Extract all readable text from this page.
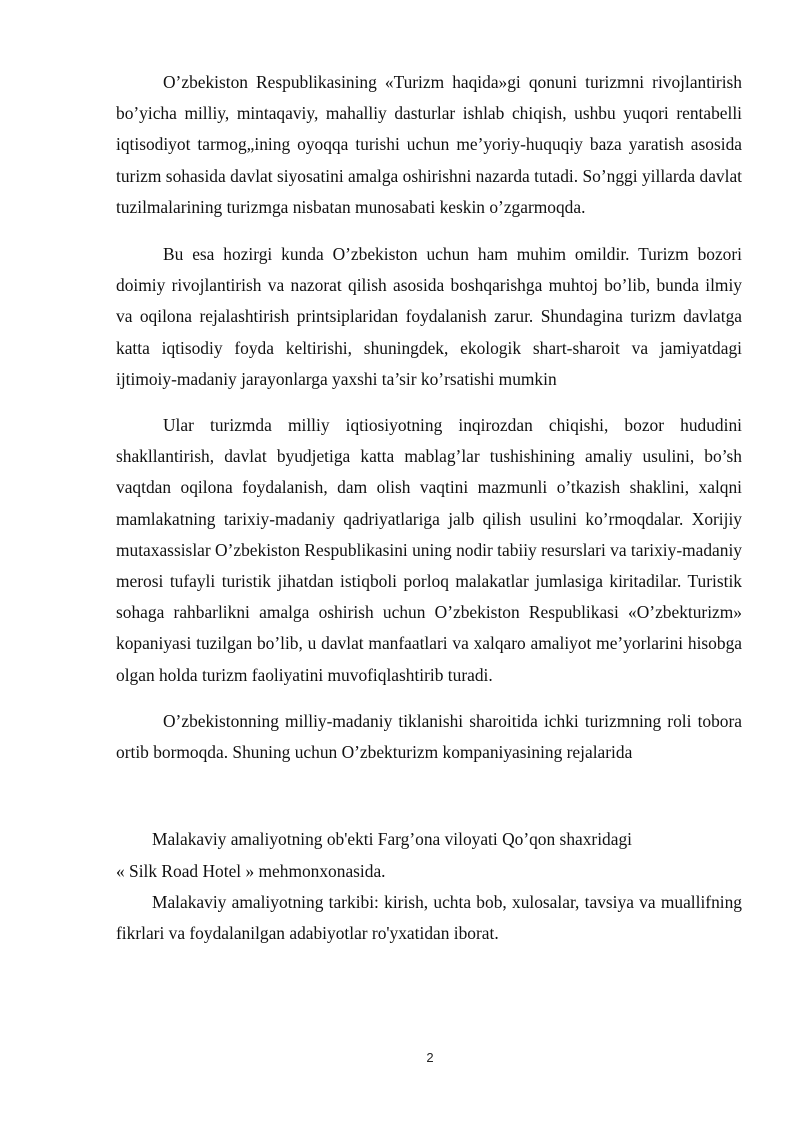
O’zbekiston Respublikasining «Turizm haqida»gi qonuni turizmni rivojlantirish bo’yicha milliy, mintaqaviy, mahalliy dasturlar ishlab chiqish, ushbu yuqori rentabelli iqtisodiyot tarmog„ining oyoqqa turishi uchun me’yoriy-huquqiy baza yaratish asosida turizm sohasida davlat siyosatini amalga oshirishni nazarda tutadi. So’nggi yillarda davlat tuzilmalarining turizmga nisbatan munosabati keskin o’zgarmoqda.

Bu esa hozirgi kunda O’zbekiston uchun ham muhim omildir. Turizm bozori doimiy rivojlantirish va nazorat qilish asosida boshqarishga muhtoj bo’lib, bunda ilmiy va oqilona rejalashtirish printsiplaridan foydalanish zarur. Shundagina turizm davlatga katta iqtisodiy foyda keltirishi, shuningdek, ekologik shart-sharoit va jamiyatdagi ijtimoiy-madaniy jarayonlarga yaxshi ta’sir ko’rsatishi mumkin

Ular turizmda milliy iqtiosiyotning inqirozdan chiqishi, bozor hududini shakllantirish, davlat byudjetiga katta mablag’lar tushishining amaliy usulini, bo’sh vaqtdan oqilona foydalanish, dam olish vaqtini mazmunli o’tkazish shaklini, xalqni mamlakatning tarixiy-madaniy qadriyatlariga jalb qilish usulini ko’rmoqdalar. Xorijiy mutaxassislar O’zbekiston Respublikasini uning nodir tabiiy resurslari va tarixiy-madaniy merosi tufayli turistik jihatdan istiqboli porloq malakatlar jumlasiga kiritadilar. Turistik sohaga rahbarlikni amalga oshirish uchun O’zbekiston Respublikasi «O’zbekturizm» kopaniyasi tuzilgan bo’lib, u davlat manfaatlari va xalqaro amaliyot me’yorlarini hisobga olgan holda turizm faoliyatini muvofiqlashtirib turadi.

O’zbekistonning milliy-madaniy tiklanishi sharoitida ichki turizmning roli tobora ortib bormoqda. Shuning uchun O’zbekturizm kompaniyasining rejalarida

Malakaviy amaliyotning ob'ekti Farg’ona viloyati Qo’qon shaxridagi

« Silk Road Hotel » mehmonxonasida.

Malakaviy amaliyotning tarkibi: kirish, uchta bob, xulosalar, tavsiya va muallifning fikrlari va foydalanilgan adabiyotlar ro'yxatidan iborat.

2
